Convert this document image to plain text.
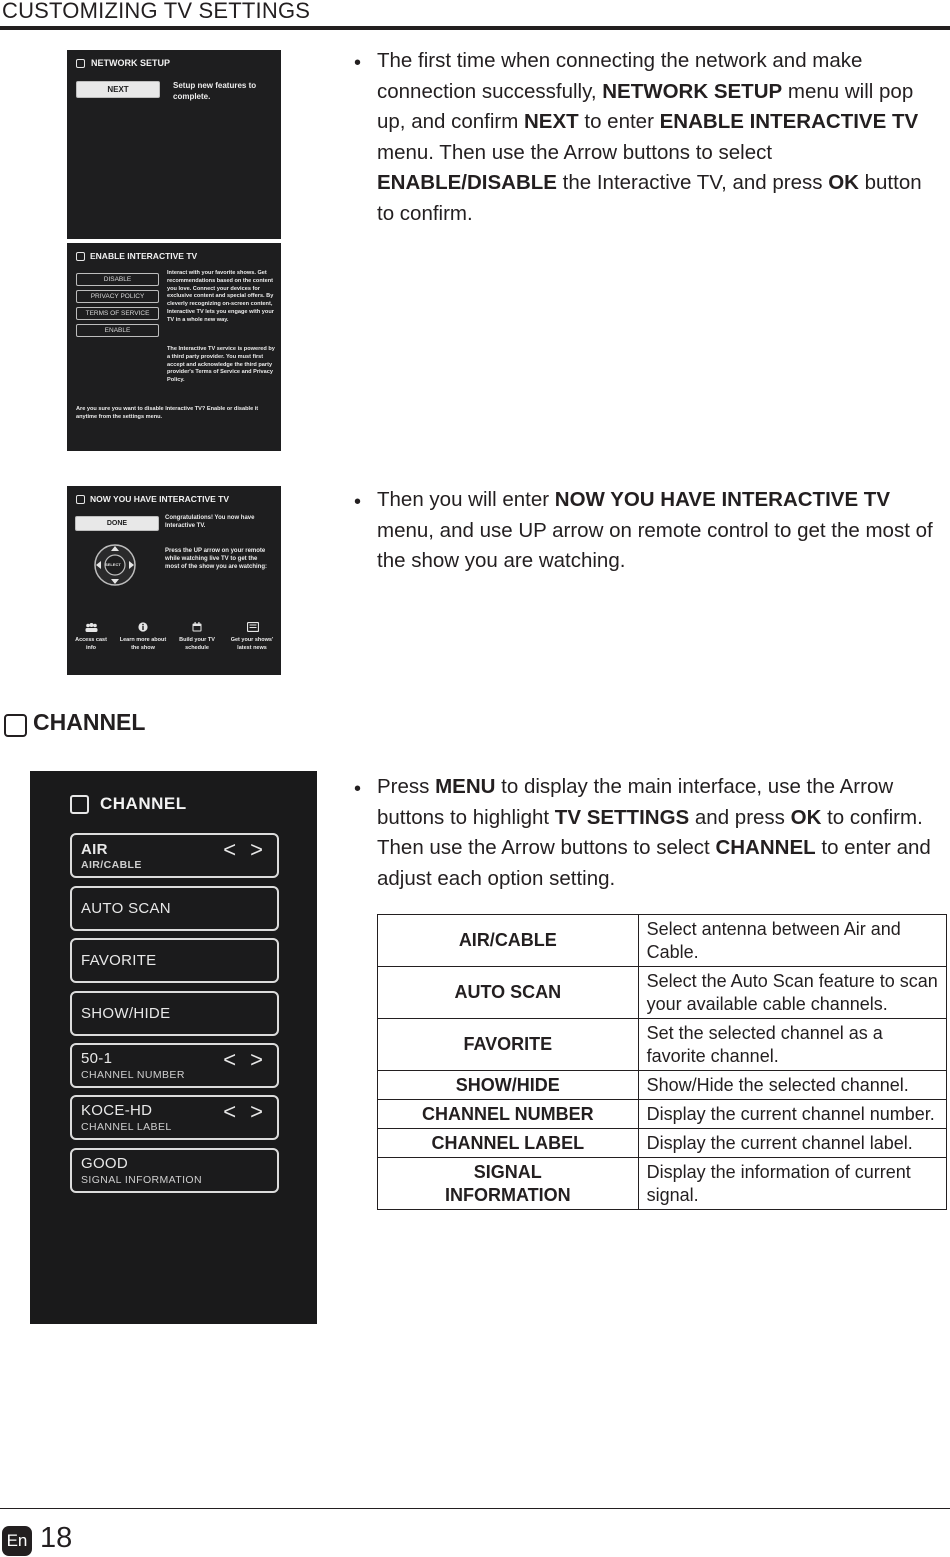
CUSTOMIZING TV SETTINGS
NETWORK SETUP
NEXT	Setup new features to complete.
ENABLE INTERACTIVE TV
DISABLE
PRIVACY POLICY
TERMS OF SERVICE
ENABLE
Interact with your favorite shows. Get recommendations based on the content you love. Connect your devices for exclusive content and special offers. By cleverly recognizing on-screen content, Interactive TV lets you engage with your TV in a whole new way.
The Interactive TV service is powered by a third party provider. You must first accept and acknowledge the third party provider's Terms of Service and Privacy Policy.
Are you sure you want to disable Interactive TV? Enable or disable it anytime from the settings menu.
• The first time when connecting the network and make connection successfully, NETWORK SETUP menu will pop up, and confirm NEXT to enter ENABLE INTERACTIVE TV menu. Then use the Arrow buttons to select ENABLE/DISABLE the Interactive TV, and press OK button to confirm.
NOW YOU HAVE INTERACTIVE TV
DONE
Congratulations! You now have Interactive TV.
Press the UP arrow on your remote while watching live TV to get the most of the show you are watching:
SELECT
Access cast info
Learn more about the show
Build your TV schedule
Get your shows' latest news
• Then you will enter NOW YOU HAVE INTERACTIVE TV menu, and use UP arrow on remote control to get the most of the show you are watching.
CHANNEL
CHANNEL
AIR
AIR/CABLE
< >
AUTO SCAN
FAVORITE
SHOW/HIDE
50-1
CHANNEL NUMBER
< >
KOCE-HD
CHANNEL LABEL
< >
GOOD
SIGNAL INFORMATION
• Press MENU to display the main interface, use the Arrow buttons to highlight TV SETTINGS and press OK to confirm. Then use the Arrow buttons to select CHANNEL to enter and adjust each option setting.
AIR/CABLE	Select antenna between Air and Cable.
AUTO SCAN	Select the Auto Scan feature to scan your available cable channels.
FAVORITE	Set the selected channel as a favorite channel.
SHOW/HIDE	Show/Hide the selected channel.
CHANNEL NUMBER	Display the current channel number.
CHANNEL LABEL	Display the current channel label.
SIGNAL INFORMATION	Display the information of current signal.
En 18
